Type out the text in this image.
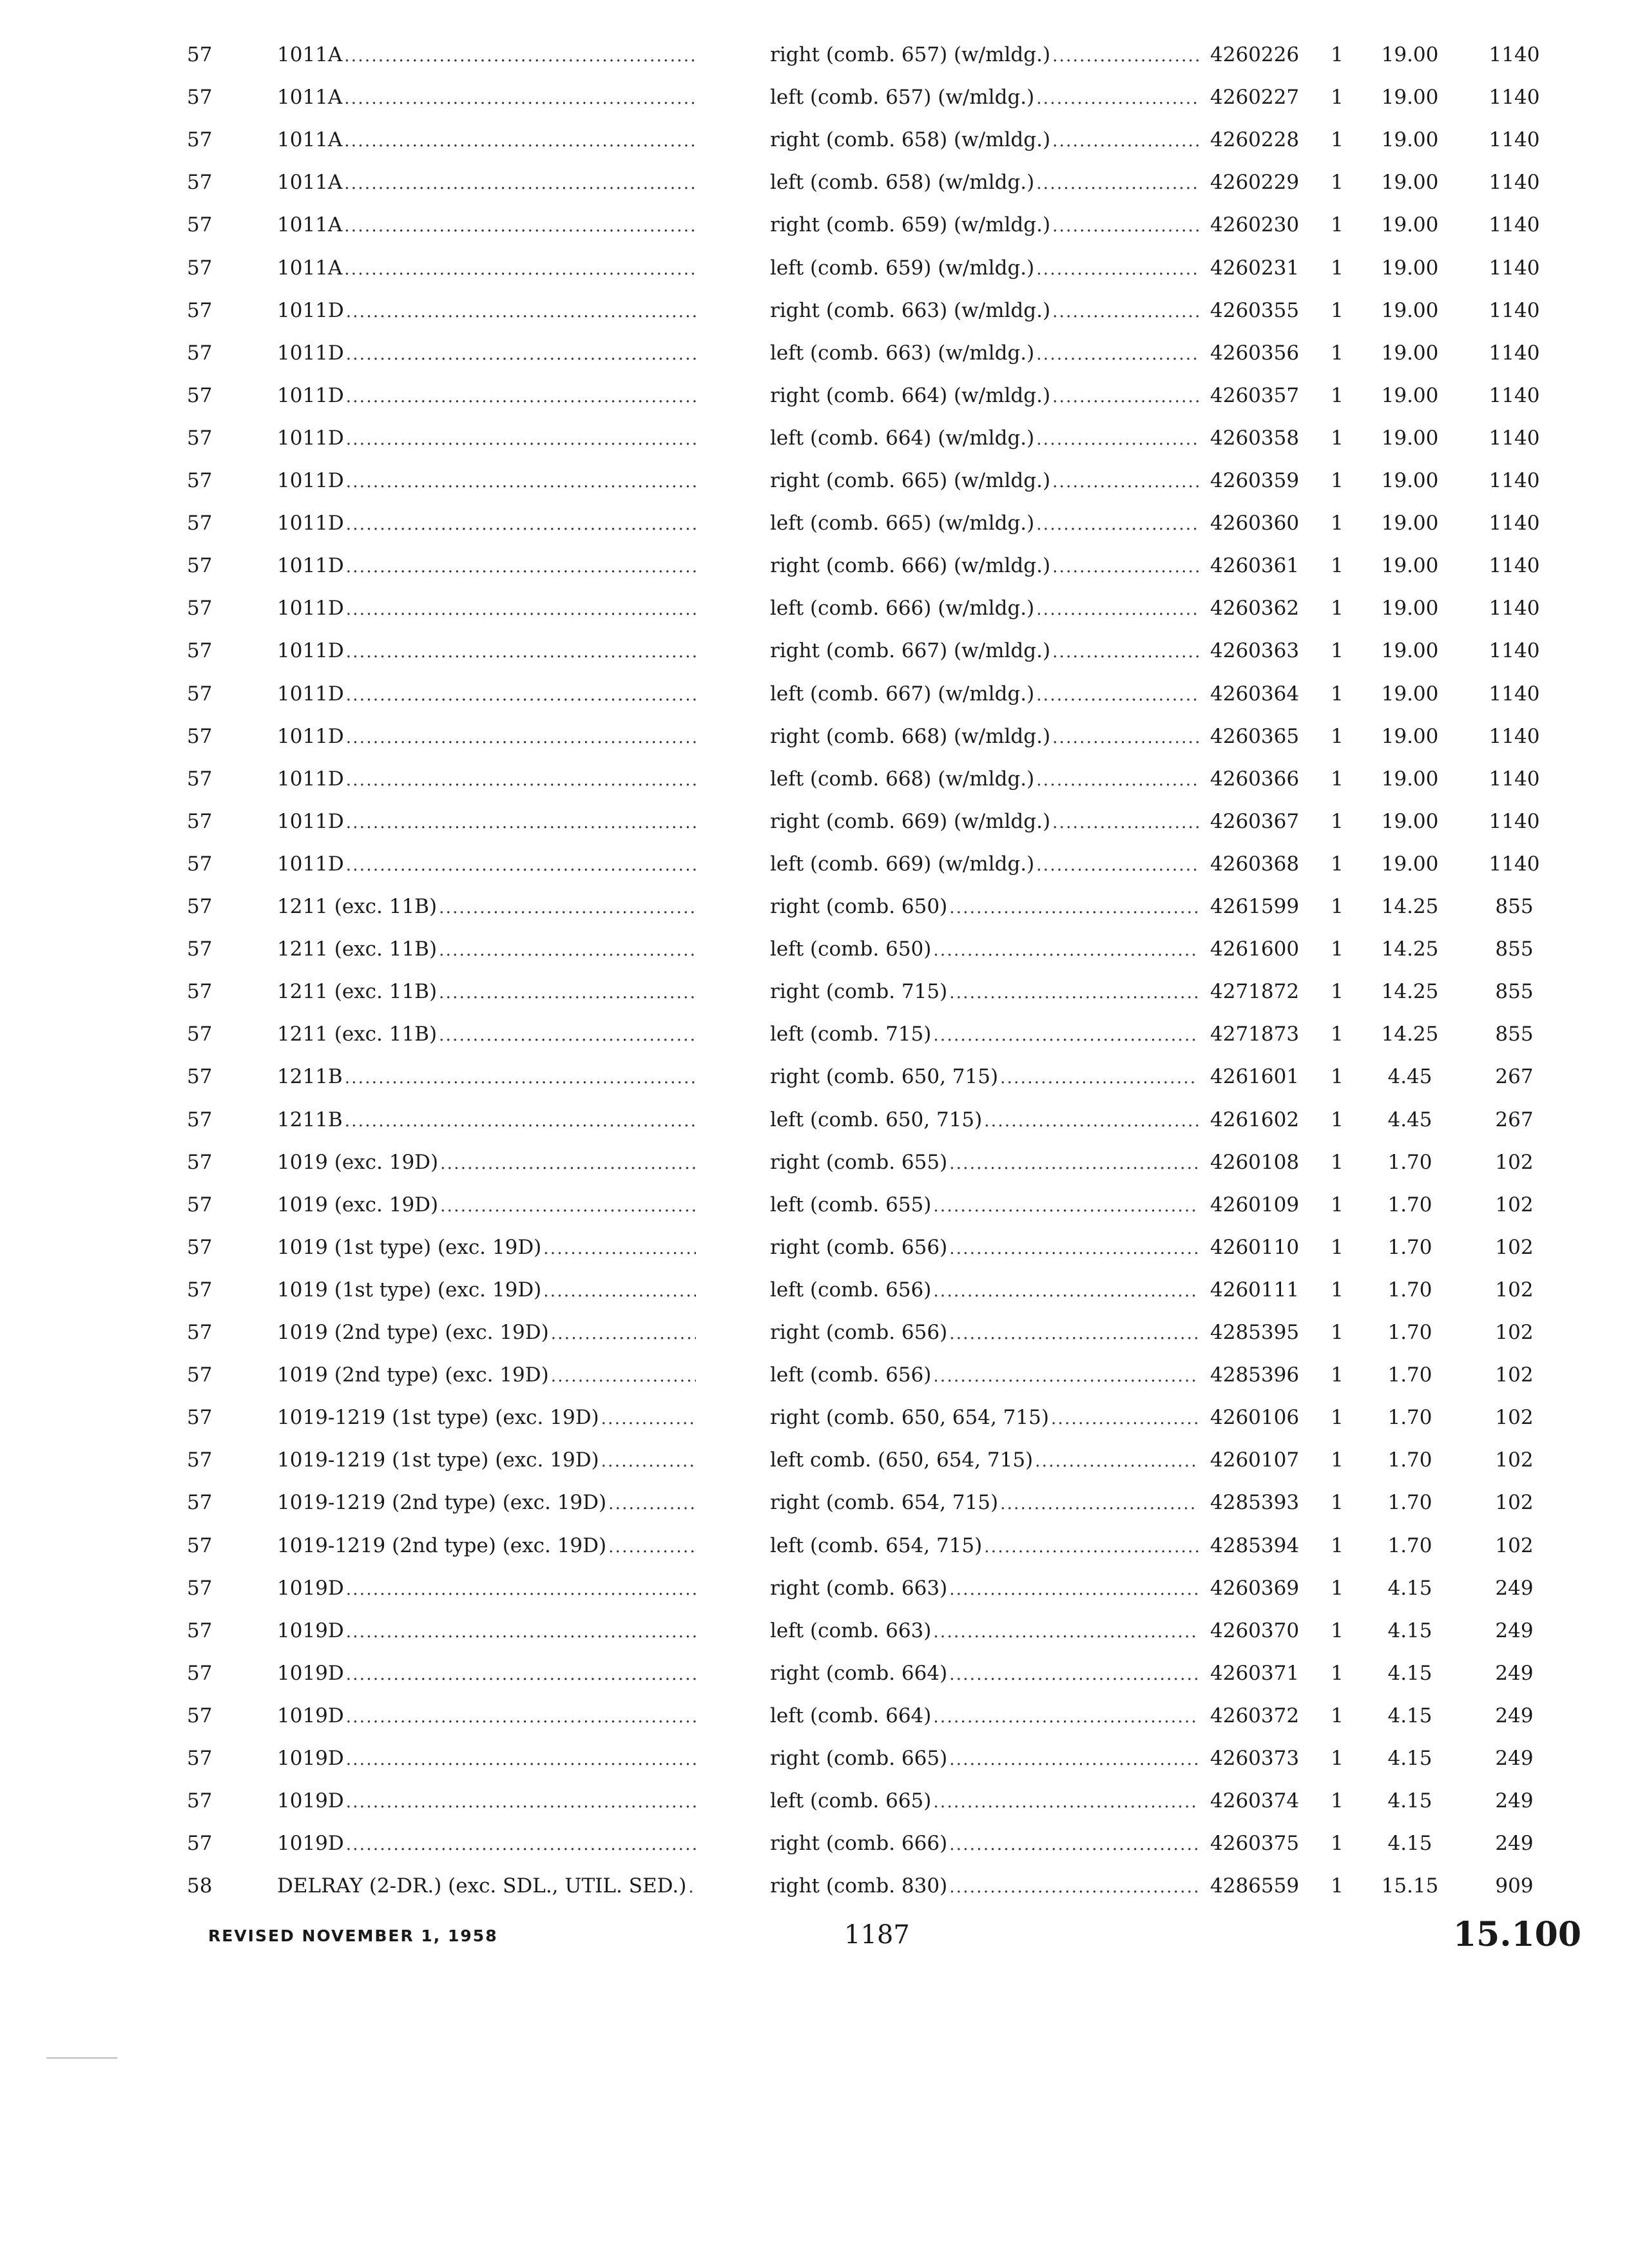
57	1011A . . .	right (comb. 657) (w/mldg.) . . .	4260226	1	19.00	1140
57	1011A . . .	left (comb. 657) (w/mldg.) . . .	4260227	1	19.00	1140
57	1011A . . .	right (comb. 658) (w/mldg.) . . .	4260228	1	19.00	1140
57	1011A . . .	left (comb. 658) (w/mldg.) . . .	4260229	1	19.00	1140
57	1011A . . .	right (comb. 659) (w/mldg.) . . .	4260230	1	19.00	1140
57	1011A . . .	left (comb. 659) (w/mldg.) . . .	4260231	1	19.00	1140
57	1011D . . .	right (comb. 663) (w/mldg.) . . .	4260355	1	19.00	1140
57	1011D . . .	left (comb. 663) (w/mldg.) . . .	4260356	1	19.00	1140
57	1011D . . .	right (comb. 664) (w/mldg.) . . .	4260357	1	19.00	1140
57	1011D . . .	left (comb. 664) (w/mldg.) . . .	4260358	1	19.00	1140
57	1011D . . .	right (comb. 665) (w/mldg.) . . .	4260359	1	19.00	1140
57	1011D . . .	left (comb. 665) (w/mldg.) . . .	4260360	1	19.00	1140
57	1011D . . .	right (comb. 666) (w/mldg.) . . .	4260361	1	19.00	1140
57	1011D . . .	left (comb. 666) (w/mldg.) . . .	4260362	1	19.00	1140
57	1011D . . .	right (comb. 667) (w/mldg.) . . .	4260363	1	19.00	1140
57	1011D . . .	left (comb. 667) (w/mldg.) . . .	4260364	1	19.00	1140
57	1011D . . .	right (comb. 668) (w/mldg.) . . .	4260365	1	19.00	1140
57	1011D . . .	left (comb. 668) (w/mldg.) . . .	4260366	1	19.00	1140
57	1011D . . .	right (comb. 669) (w/mldg.) . . .	4260367	1	19.00	1140
57	1011D . . .	left (comb. 669) (w/mldg.) . . .	4260368	1	19.00	1140
57	1211 (exc. 11B) . . .	right (comb. 650) . . .	4261599	1	14.25	855
57	1211 (exc. 11B) . . .	left (comb. 650) . . .	4261600	1	14.25	855
57	1211 (exc. 11B) . . .	right (comb. 715) . . .	4271872	1	14.25	855
57	1211 (exc. 11B) . . .	left (comb. 715) . . .	4271873	1	14.25	855
57	1211B . . .	right (comb. 650, 715) . . .	4261601	1	4.45	267
57	1211B . . .	left (comb. 650, 715) . . .	4261602	1	4.45	267
57	1019 (exc. 19D) . . .	right (comb. 655) . . .	4260108	1	1.70	102
57	1019 (exc. 19D) . . .	left (comb. 655) . . .	4260109	1	1.70	102
57	1019 (1st type) (exc. 19D) . . .	right (comb. 656) . . .	4260110	1	1.70	102
57	1019 (1st type) (exc. 19D) . . .	left (comb. 656) . . .	4260111	1	1.70	102
57	1019 (2nd type) (exc. 19D) . . .	right (comb. 656) . . .	4285395	1	1.70	102
57	1019 (2nd type) (exc. 19D) . . .	left (comb. 656) . . .	4285396	1	1.70	102
57	1019-1219 (1st type) (exc. 19D) . . .	right (comb. 650, 654, 715) . . .	4260106	1	1.70	102
57	1019-1219 (1st type) (exc. 19D) . . .	left comb. (650, 654, 715) . . .	4260107	1	1.70	102
57	1019-1219 (2nd type) (exc. 19D) . . .	right (comb. 654, 715) . . .	4285393	1	1.70	102
57	1019-1219 (2nd type) (exc. 19D) . . .	left (comb. 654, 715) . . .	4285394	1	1.70	102
57	1019D . . .	right (comb. 663) . . .	4260369	1	4.15	249
57	1019D . . .	left (comb. 663) . . .	4260370	1	4.15	249
57	1019D . . .	right (comb. 664) . . .	4260371	1	4.15	249
57	1019D . . .	left (comb. 664) . . .	4260372	1	4.15	249
57	1019D . . .	right (comb. 665) . . .	4260373	1	4.15	249
57	1019D . . .	left (comb. 665) . . .	4260374	1	4.15	249
57	1019D . . .	right (comb. 666) . . .	4260375	1	4.15	249
58	DELRAY (2-DR.) (exc. SDL., UTIL. SED.) . . .	right (comb. 830) . . .	4286559	1	15.15	909
REVISED NOVEMBER 1, 1958	1187	15.100
